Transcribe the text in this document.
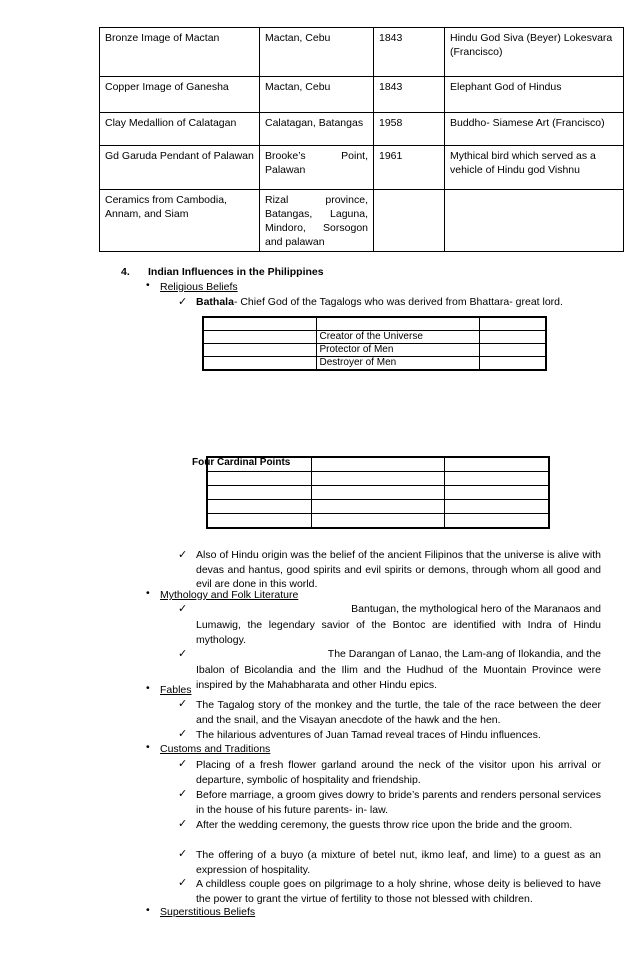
Bronze Image of Mactan	Mactan, Cebu	1843	Hindu God Siva (Beyer) Lokesvara (Francisco)
Copper Image of Ganesha	Mactan, Cebu	1843	Elephant God of Hindus
Clay Medallion of Calatagan	Calatagan, Batangas	1958	Buddho- Siamese Art (Francisco)
Gd Garuda Pendant of Palawan	Brooke’s Point, Palawan	1961	Mythical bird which served as a vehicle of Hindu god Vishnu
Ceramics from Cambodia, Annam, and Siam	Rizal province, Batangas, Laguna, Mindoro, Sorsogon and palawan		
4. Indian Influences in the Philippines
• Religious Beliefs
✓ Bathala- Chief God of the Tagalogs who was derived from Bhattara- great lord.

	Creator of the Universe	
	Protector of Men	
	Destroyer of Men	
Four Cardinal Points

✓ Also of Hindu origin was the belief of the ancient Filipinos that the universe is alive with devas and hantus, good spirits and evil spirits or demons, through whom all good and evil are done in this world.
• Mythology and Folk Literature
✓	Bantugan, the mythological hero of the Maranaos and
Lumawig, the legendary savior of the Bontoc are identified with Indra of Hindu mythology.
✓	The Darangan of Lanao, the Lam-ang of Ilokandia, and the
Ibalon of Bicolandia and the Ilim and the Hudhud of the Muontain Province were inspired by the Mahabharata and other Hindu epics.
• Fables
✓ The Tagalog story of the monkey and the turtle, the tale of the race between the deer and the snail, and the Visayan anecdote of the hawk and the hen.
✓ The hilarious adventures of Juan Tamad reveal traces of Hindu influences.
• Customs and Traditions
✓ Placing of a fresh flower garland around the neck of the visitor upon his arrival or departure, symbolic of hospitality and friendship.
✓ Before marriage, a groom gives dowry to bride’s parents and renders personal services in the house of his future parents- in- law.
✓ After the wedding ceremony, the guests throw rice upon the bride and the groom.
✓ The offering of a buyo (a mixture of betel nut, ikmo leaf, and lime) to a guest as an expression of hospitality.
✓ A childless couple goes on pilgrimage to a holy shrine, whose deity is believed to have the power to grant the virtue of fertility to those not blessed with children.
• Superstitious Beliefs
